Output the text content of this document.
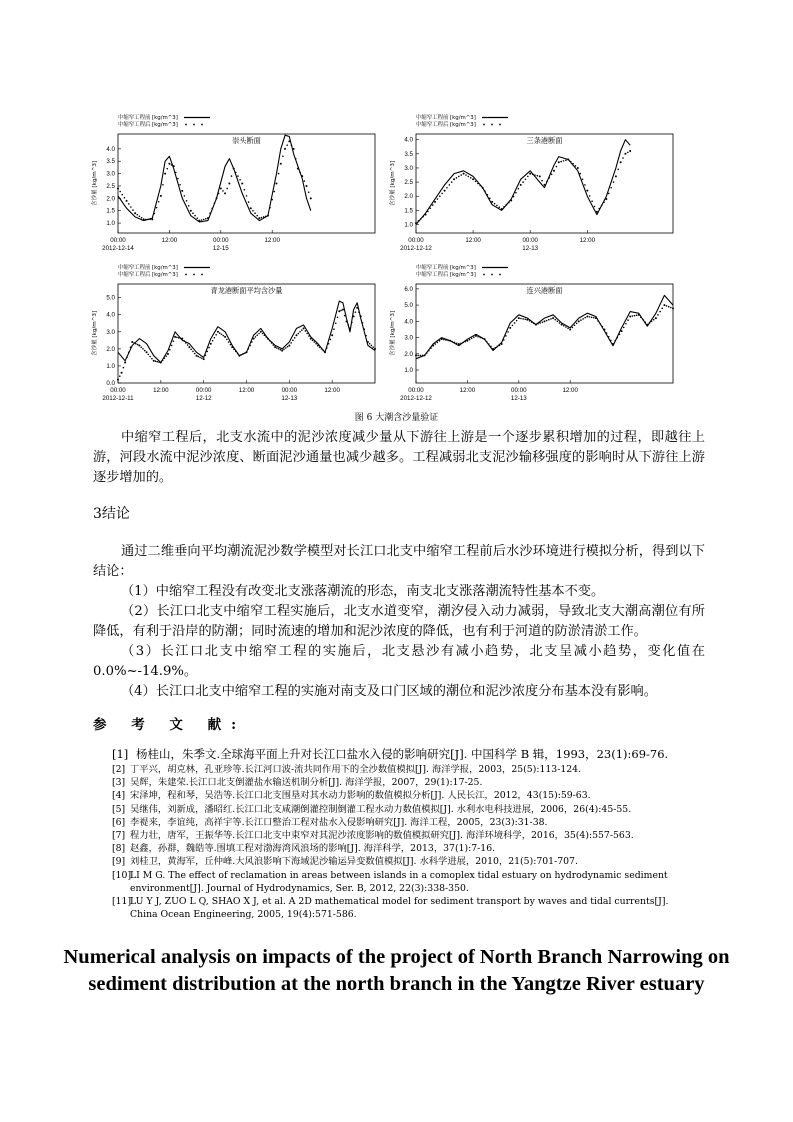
中缩窄工程前 [kg/m^3]
中缩窄工程后 [kg/m^3]
崇头断面
1.0
1.5
2.0
2.5
3.0
3.5
4.0
含沙量 [kg/m^3]
00:00
2012-12-14
12:00	00:00
12-15
12:00
中缩窄工程前 [kg/m^3]
中缩窄工程后 [kg/m^3]
三条港断面
1.0
1.5
2.0
2.5
3.0
3.5
4.0
含沙量 [kg/m^3]
00:00
2012-12-12
12:00	00:00
12-13
12:00
中缩窄工程前 [kg/m^3]
中缩窄工程后 [kg/m^3]
青龙港断面平均含沙量
0.0
1.0
2.0
3.0
4.0
5.0
含沙量 [kg/m^3]
00:00
2012-12-11
12:00	00:00
12-12
12:00	00:00
12-13
12:00
中缩窄工程前 [kg/m^3]
中缩窄工程后 [kg/m^3]
连兴港断面
1.0
2.0
3.0
4.0
5.0
6.0
含沙量 [kg/m^3]
00:00
2012-12-12
12:00	00:00
12-13
12:00
图 6 大潮含沙量验证

中缩窄工程后，北支水流中的泥沙浓度减少量从下游往上游是一个逐步累积增加的过程，即越往上游，河段水流中泥沙浓度、断面泥沙通量也减少越多。工程减弱北支泥沙输移强度的影响时从下游往上游逐步增加的。

3结论

通过二维垂向平均潮流泥沙数学模型对长江口北支中缩窄工程前后水沙环境进行模拟分析，得到以下结论：

（1）中缩窄工程没有改变北支涨落潮流的形态，南支北支涨落潮流特性基本不变。

（2）长江口北支中缩窄工程实施后，北支水道变窄，潮汐侵入动力减弱，导致北支大潮高潮位有所降低，有利于沿岸的防潮；同时流速的增加和泥沙浓度的降低，也有利于河道的防淤清淤工作。

（3）长江口北支中缩窄工程的实施后，北支悬沙有减小趋势，北支呈减小趋势，变化值在0.0%~-14.9%。

（4）长江口北支中缩窄工程的实施对南支及口门区域的潮位和泥沙浓度分布基本没有影响。

参 考 文 献:
[1] 杨桂山，朱季文.全球海平面上升对长江口盐水入侵的影响研究[J]. 中国科学 B 辑，1993，23(1):69-76.
[2] 丁平兴，胡克林，孔亚珍等.长江河口波-流共同作用下的全沙数值模拟[J]. 海洋学报，2003，25(5):113-124.
[3] 吴辉，朱建荣.长江口北支倒灌盐水输送机制分析[J]. 海洋学报，2007，29(1):17-25.
[4] 宋泽坤，程和琴，吴浩等.长江口北支围垦对其水动力影响的数值模拟分析[J]. 人民长江，2012，43(15):59-63.
[5] 吴继伟，刘新成，潘昭红.长江口北支咸潮倒灌控制倒灌工程水动力数值模拟[J]. 水利水电科技进展，2006，26(4):45-55.
[6] 李褆来，李谊纯，高祥宇等.长江口整治工程对盐水入侵影响研究[J]. 海洋工程，2005，23(3):31-38.
[7] 程力壮，唐军，王振华等.长江口北支中束窄对其泥沙浓度影响的数值模拟研究[J]. 海洋环境科学，2016，35(4):557-563.
[8] 赵鑫，孙群，魏皓等.围填工程对渤海湾风浪场的影响[J]. 海洋科学，2013，37(1):7-16.
[9] 刘桂卫，黄海军，丘仲峰.大风浪影响下海域泥沙输运异变数值模拟[J]. 水科学进展，2010，21(5):701-707.
[10]
LI M G. The effect of reclamation in areas between islands in a comoplex tidal estuary on hydrodynamic sediment environment[J]. Journal of Hydrodynamics, Ser. B, 2012, 22(3):338-350.
[11]
LU Y J, ZUO L Q, SHAO X J, et al. A 2D mathematical model for sediment transport by waves and tidal currents[J]. China Ocean Engineering, 2005, 19(4):571-586.
Numerical analysis on impacts of the project of North Branch Narrowing on sediment distribution at the north branch in the Yangtze River estuary
